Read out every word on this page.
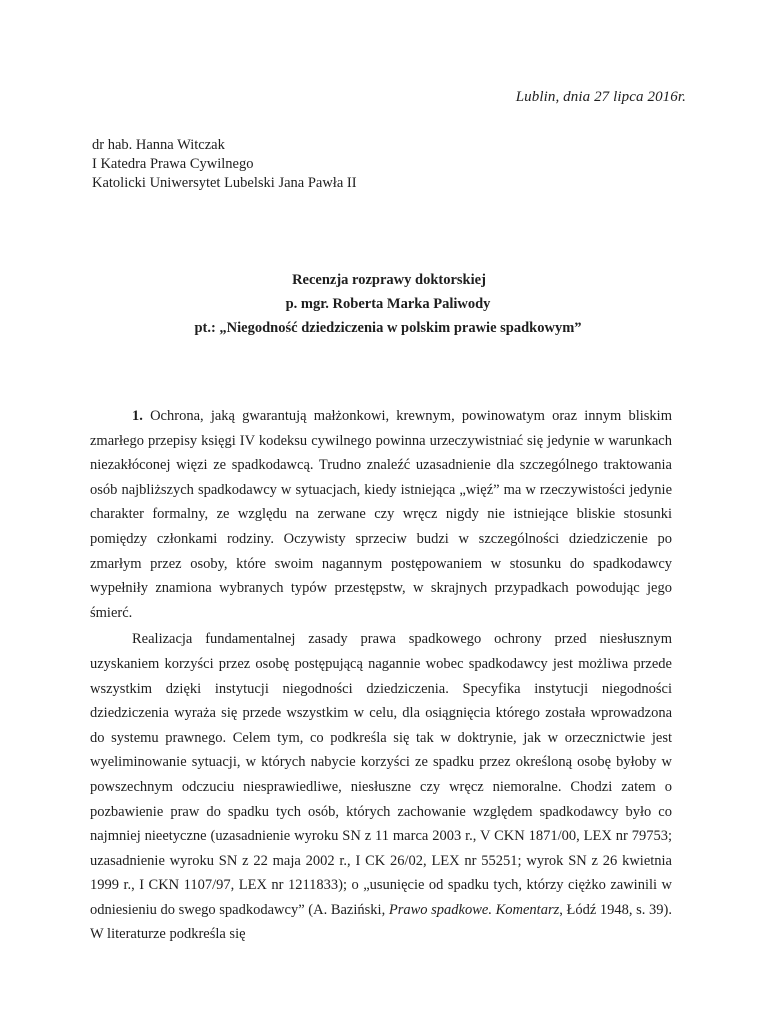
Lublin, dnia 27 lipca 2016r.
dr hab. Hanna Witczak
I Katedra Prawa Cywilnego
Katolicki Uniwersytet Lubelski Jana Pawła II
Recenzja rozprawy doktorskiej
p. mgr. Roberta Marka Paliwody
pt.: „Niegodność dziedziczenia w polskim prawie spadkowym”

1. Ochrona, jaką gwarantują małżonkowi, krewnym, powinowatym oraz innym bliskim zmarłego przepisy księgi IV kodeksu cywilnego powinna urzeczywistniać się jedynie w warunkach niezakłóconej więzi ze spadkodawcą. Trudno znaleźć uzasadnienie dla szczególnego traktowania osób najbliższych spadkodawcy w sytuacjach, kiedy istniejąca „więź” ma w rzeczywistości jedynie charakter formalny, ze względu na zerwane czy wręcz nigdy nie istniejące bliskie stosunki pomiędzy członkami rodziny. Oczywisty sprzeciw budzi w szczególności dziedziczenie po zmarłym przez osoby, które swoim nagannym postępowaniem w stosunku do spadkodawcy wypełniły znamiona wybranych typów przestępstw, w skrajnych przypadkach powodując jego śmierć.

Realizacja fundamentalnej zasady prawa spadkowego ochrony przed niesłusznym uzyskaniem korzyści przez osobę postępującą nagannie wobec spadkodawcy jest możliwa przede wszystkim dzięki instytucji niegodności dziedziczenia. Specyfika instytucji niegodności dziedziczenia wyraża się przede wszystkim w celu, dla osiągnięcia którego została wprowadzona do systemu prawnego. Celem tym, co podkreśla się tak w doktrynie, jak w orzecznictwie jest wyeliminowanie sytuacji, w których nabycie korzyści ze spadku przez określoną osobę byłoby w powszechnym odczuciu niesprawiedliwe, niesłuszne czy wręcz niemoralne. Chodzi zatem o pozbawienie praw do spadku tych osób, których zachowanie względem spadkodawcy było co najmniej nieetyczne (uzasadnienie wyroku SN z 11 marca 2003 r., V CKN 1871/00, LEX nr 79753; uzasadnienie wyroku SN z 22 maja 2002 r., I CK 26/02, LEX nr 55251; wyrok SN z 26 kwietnia 1999 r., I CKN 1107/97, LEX nr 1211833); o „usunięcie od spadku tych, którzy ciężko zawinili w odniesieniu do swego spadkodawcy” (A. Baziński, Prawo spadkowe. Komentarz, Łódź 1948, s. 39). W literaturze podkreśla się
